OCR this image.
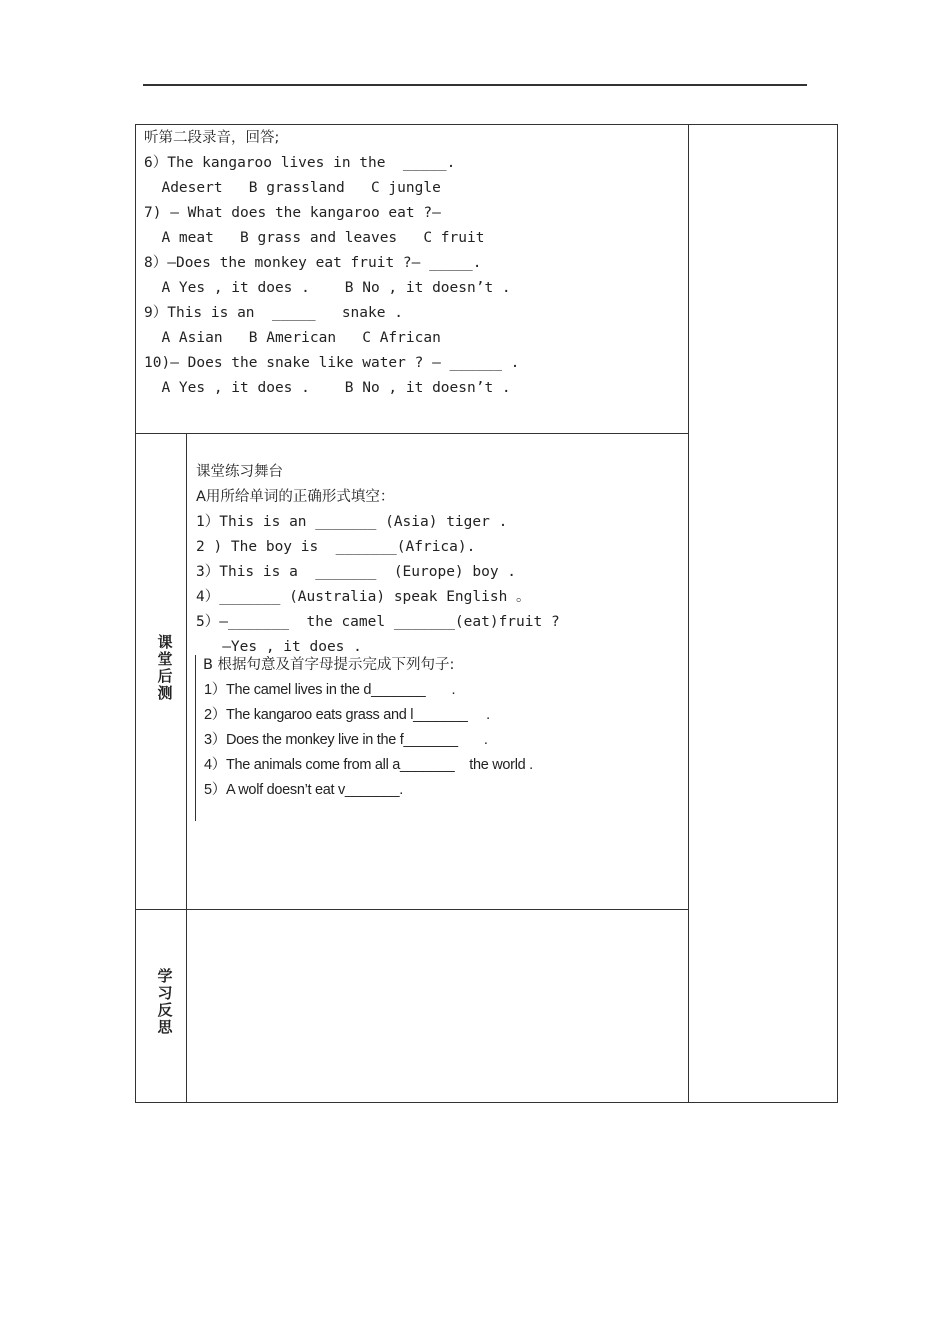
听第二段录音，回答;
6）The kangaroo lives in the  _____.
Adesert   B grassland   C jungle
7) — What does the kangaroo eat ?—
A meat   B grass and leaves   C fruit
8）—Does the monkey eat fruit ?— _____.
A Yes , it does .    B No , it doesn’t .
9）This is an  _____   snake .
A Asian   B American   C African
10)— Does the snake like water ? — ______ .
A Yes , it does .    B No , it doesn’t .
课
堂
后
测
课堂练习舞台
A用所给单词的正确形式填空：
1）This is an _______ (Asia) tiger .
2 ) The boy is  _______(Africa).
3）This is a  _______  (Europe) boy .
4）_______ (Australia) speak English 。
5）—_______  the camel _______(eat)fruit ?
—Yes , it does .
B 根据句意及首字母提示完成下列句子:
1）The camel lives in the d_______       .
2）The kangaroo eats grass and l_______     .
3）Does the monkey live in the f_______       .
4）The animals come from all a_______    the world .
5）A wolf doesn’t eat v_______.
学
习
反
思
